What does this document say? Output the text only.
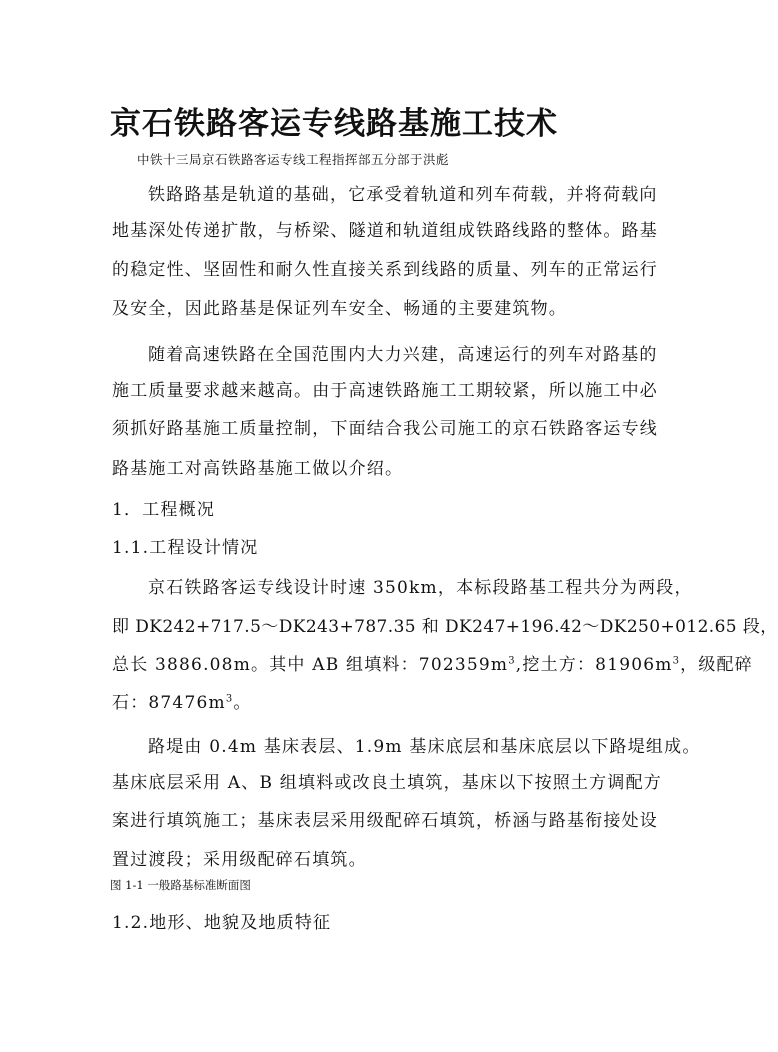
京石铁路客运专线路基施工技术
中铁十三局京石铁路客运专线工程指挥部五分部于洪彪
铁路路基是轨道的基础，它承受着轨道和列车荷载，并将荷载向
地基深处传递扩散，与桥梁、隧道和轨道组成铁路线路的整体。路基
的稳定性、坚固性和耐久性直接关系到线路的质量、列车的正常运行
及安全，因此路基是保证列车安全、畅通的主要建筑物。
随着高速铁路在全国范围内大力兴建，高速运行的列车对路基的
施工质量要求越来越高。由于高速铁路施工工期较紧，所以施工中必
须抓好路基施工质量控制，下面结合我公司施工的京石铁路客运专线
路基施工对高铁路基施工做以介绍。
1．工程概况
1.1.工程设计情况
京石铁路客运专线设计时速 350km，本标段路基工程共分为两段，
即 DK242+717.5～DK243+787.35 和 DK247+196.42～DK250+012.65 段，
总长 3886.08m。其中 AB 组填料：$702359m^3$,挖土方：$81906m^3$，级配碎
石：$87476m^3$。
路堤由 0.4m 基床表层、1.9m 基床底层和基床底层以下路堤组成。
基床底层采用 A、B 组填料或改良土填筑，基床以下按照土方调配方
案进行填筑施工；基床表层采用级配碎石填筑，桥涵与路基衔接处设
置过渡段；采用级配碎石填筑。
图 1-1 一般路基标准断面图
1.2.地形、地貌及地质特征
